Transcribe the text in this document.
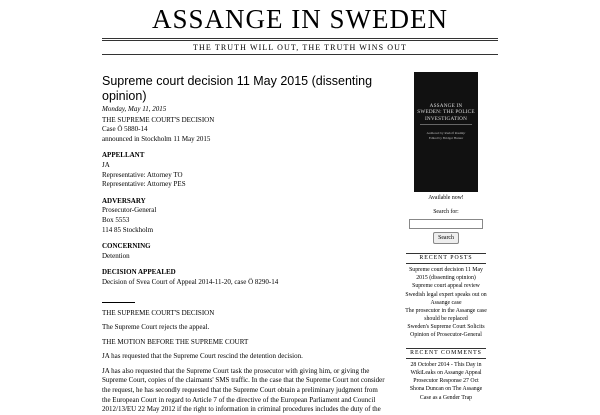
ASSANGE IN SWEDEN
THE TRUTH WILL OUT, THE TRUTH WINS OUT
Supreme court decision 11 May 2015 (dissenting opinion)
Monday, May 11, 2015
THE SUPREME COURT'S DECISION
Case Ö 5880-14
announced in Stockholm 11 May 2015
APPELLANT
JA
Representative: Attorney TO
Representative: Attorney PES
ADVERSARY
Prosecutor-General
Box 5553
114 85 Stockholm
CONCERNING
Detention
DECISION APPEALED
Decision of Svea Court of Appeal 2014-11-20, case Ö 8290-14
THE SUPREME COURT'S DECISION
The Supreme Court rejects the appeal.
THE MOTION BEFORE THE SUPREME COURT
JA has requested that the Supreme Court rescind the detention decision.
JA has also requested that the Supreme Court task the prosecutor with giving him, or giving the Supreme Court, copies of the claimants' SMS traffic. In the case that the Supreme Court not consider the request, he has secondly requested that the Supreme Court obtain a preliminary judgment from the European Court in regard to Article 7 of the directive of the European Parliament and Council 2012/13/EU 22 May 2012 if the right to information in criminal procedures includes the duty of the
ASSANGE IN SWEDEN: THE POLICE INVESTIGATION
Authored by Rudolf Rasmijr
Edited by Bridget Hunter
Available now!
Search for:
Search
RECENT POSTS
Supreme court decision 11 May 2015 (dissenting opinion)
Supreme court appeal review
Swedish legal expert speaks out on Assange case
The prosecutor in the Assange case should be replaced
Sweden's Supreme Court Solicits Opinion of Prosecutor-General
RECENT COMMENTS
28 October 2014 - This Day in WikiLeaks on Assange Appeal Prosecutor Response 27 Oct
Shona Duncan on The Assange Case as a Gender Trap
